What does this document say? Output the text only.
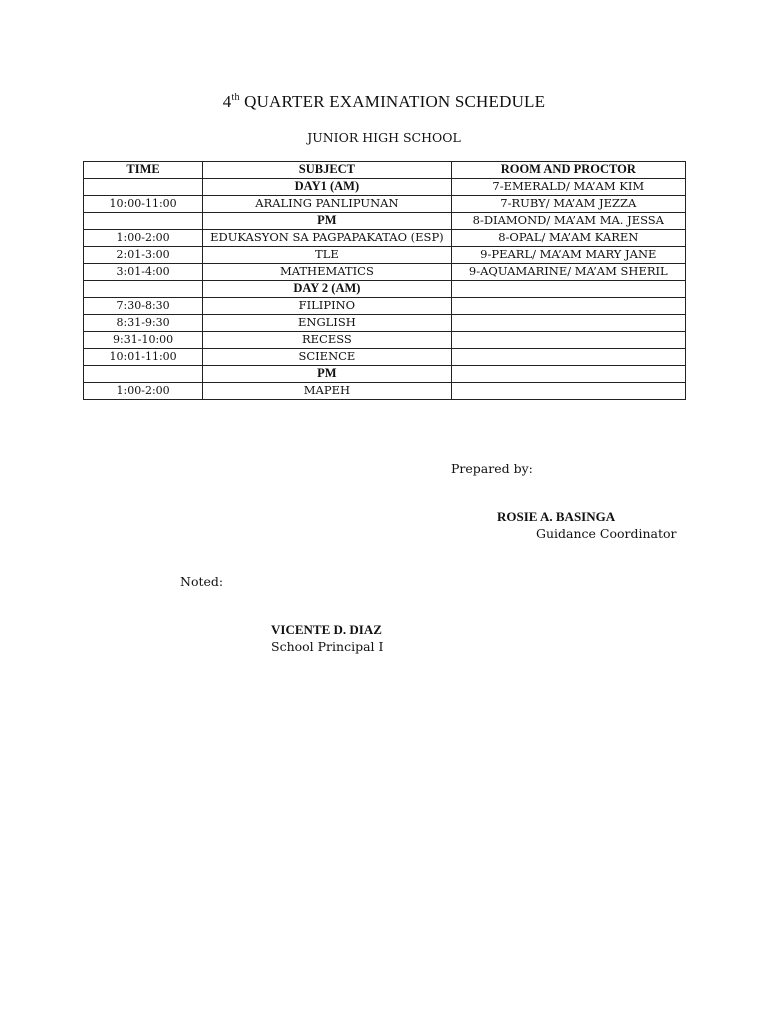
4th QUARTER EXAMINATION SCHEDULE
JUNIOR HIGH SCHOOL
TIME	SUBJECT	ROOM AND PROCTOR
	DAY1 (AM)	7-EMERALD/ MA’AM KIM
10:00-11:00	ARALING PANLIPUNAN	7-RUBY/ MA’AM JEZZA
	PM	8-DIAMOND/ MA’AM MA. JESSA
1:00-2:00	EDUKASYON SA PAGPAPAKATAO (ESP)	8-OPAL/ MA’AM KAREN
2:01-3:00	TLE	9-PEARL/ MA’AM MARY JANE
3:01-4:00	MATHEMATICS	9-AQUAMARINE/ MA’AM SHERIL
	DAY 2 (AM)	
7:30-8:30	FILIPINO	
8:31-9:30	ENGLISH	
9:31-10:00	RECESS	
10:01-11:00	SCIENCE	
	PM	
1:00-2:00	MAPEH	
Prepared by:
ROSIE A. BASINGA
Guidance Coordinator
Noted:
VICENTE D. DIAZ
School Principal I
